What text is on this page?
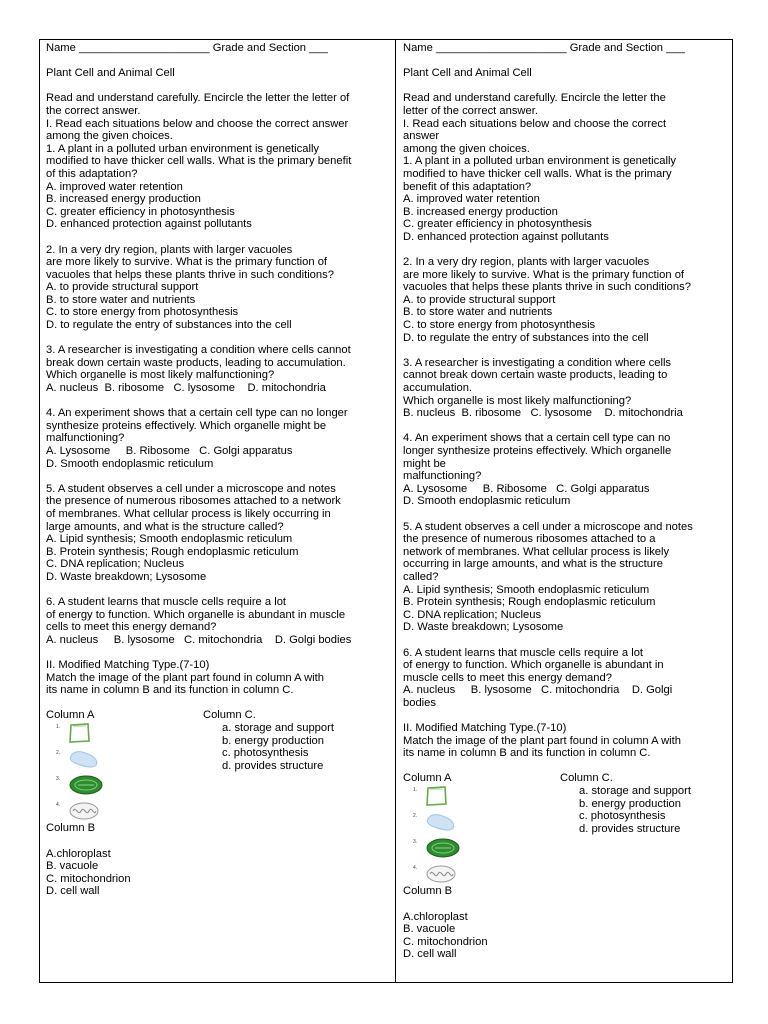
Name _____________________ Grade and Section ___

Plant Cell and Animal Cell

Read and understand carefully. Encircle the letter the letter of

the correct answer.

I. Read each situations below and choose the correct answer

among the given choices.

1. A plant in a polluted urban environment is genetically

modified to have thicker cell walls. What is the primary benefit

of this adaptation?

A. improved water retention

B. increased energy production

C. greater efficiency in photosynthesis

D. enhanced protection against pollutants

2. In a very dry region, plants with larger vacuoles

are more likely to survive. What is the primary function of

vacuoles that helps these plants thrive in such conditions?

A. to provide structural support

B. to store water and nutrients

C. to store energy from photosynthesis

D. to regulate the entry of substances into the cell

3. A researcher is investigating a condition where cells cannot

break down certain waste products, leading to accumulation.

Which organelle is most likely malfunctioning?

A. nucleus  B. ribosome   C. lysosome    D. mitochondria

4. An experiment shows that a certain cell type can no longer

synthesize proteins effectively. Which organelle might be

malfunctioning?

A. Lysosome     B. Ribosome   C. Golgi apparatus

D. Smooth endoplasmic reticulum

5. A student observes a cell under a microscope and notes

the presence of numerous ribosomes attached to a network

of membranes. What cellular process is likely occurring in

large amounts, and what is the structure called?

A. Lipid synthesis; Smooth endoplasmic reticulum

B. Protein synthesis; Rough endoplasmic reticulum

C. DNA replication; Nucleus

D. Waste breakdown; Lysosome

6. A student learns that muscle cells require a lot

of energy to function. Which organelle is abundant in muscle

cells to meet this energy demand?

A. nucleus     B. lysosome   C. mitochondria    D. Golgi bodies

II. Modified Matching Type.(7-10)

Match the image of the plant part found in column A with

its name in column B and its function in column C.

Column A

1.
2.
3.
4.

Column C.

a. storage and support

b. energy production

c. photosynthesis

d. provides structure

Column B

A.chloroplast

B. vacuole

C. mitochondrion

D. cell wall

Name _____________________ Grade and Section ___

Plant Cell and Animal Cell

Read and understand carefully. Encircle the letter the

letter of the correct answer.

I. Read each situations below and choose the correct

answer

among the given choices.

1. A plant in a polluted urban environment is genetically

modified to have thicker cell walls. What is the primary

benefit of this adaptation?

A. improved water retention

B. increased energy production

C. greater efficiency in photosynthesis

D. enhanced protection against pollutants

2. In a very dry region, plants with larger vacuoles

are more likely to survive. What is the primary function of

vacuoles that helps these plants thrive in such conditions?

A. to provide structural support

B. to store water and nutrients

C. to store energy from photosynthesis

D. to regulate the entry of substances into the cell

3. A researcher is investigating a condition where cells

cannot break down certain waste products, leading to

accumulation.

Which organelle is most likely malfunctioning?

B. nucleus  B. ribosome   C. lysosome    D. mitochondria

4. An experiment shows that a certain cell type can no

longer synthesize proteins effectively. Which organelle

might be

malfunctioning?

A. Lysosome     B. Ribosome   C. Golgi apparatus

D. Smooth endoplasmic reticulum

5. A student observes a cell under a microscope and notes

the presence of numerous ribosomes attached to a

network of membranes. What cellular process is likely

occurring in large amounts, and what is the structure

called?

A. Lipid synthesis; Smooth endoplasmic reticulum

B. Protein synthesis; Rough endoplasmic reticulum

C. DNA replication; Nucleus

D. Waste breakdown; Lysosome

6. A student learns that muscle cells require a lot

of energy to function. Which organelle is abundant in

muscle cells to meet this energy demand?

A. nucleus     B. lysosome   C. mitochondria    D. Golgi

bodies

II. Modified Matching Type.(7-10)

Match the image of the plant part found in column A with

its name in column B and its function in column C.

Column A

1.
2.
3.
4.

Column C.

a. storage and support

b. energy production

c. photosynthesis

d. provides structure

Column B

A.chloroplast

B. vacuole

C. mitochondrion

D. cell wall
